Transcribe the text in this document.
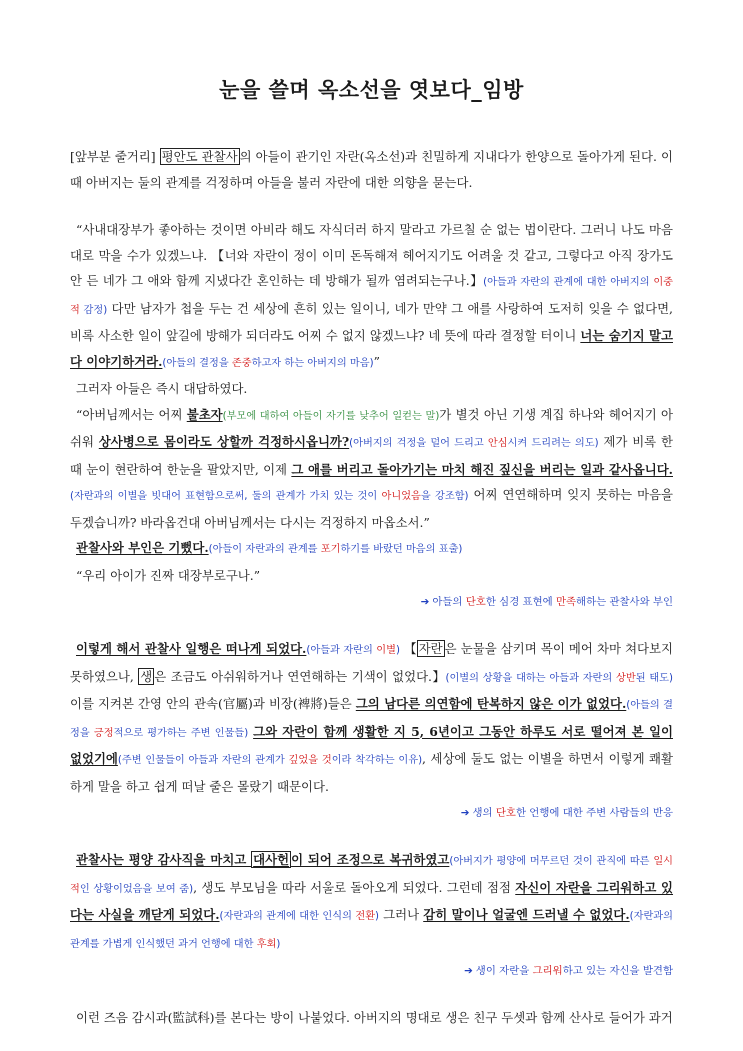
눈을 쓸며 옥소선을 엿보다_임방

[앞부분 줄거리] 평안도 관찰사 의 아들이 관기인 자란(옥소선)과 친밀하게 지내다가 한양으로 돌아가게 된다. 이때 아버지는 둘의 관계를 걱정하며 아들을 불러 자란에 대한 의향을 묻는다.

“사내대장부가 좋아하는 것이면 아비라 해도 자식더러 하지 말라고 가르칠 순 없는 법이란다. 그러니 나도 마음대로 막을 수가 있겠느냐. 【너와 자란이 정이 이미 돈독해져 헤어지기도 어려울 것 같고, 그렇다고 아직 장가도 안 든 네가 그 애와 함께 지냈다간 혼인하는 데 방해가 될까 염려되는구나.】(아들과 자란의 관계에 대한 아버지의 이중적 감정) 다만 남자가 첩을 두는 건 세상에 흔히 있는 일이니, 네가 만약 그 애를 사랑하여 도저히 잊을 수 없다면, 비록 사소한 일이 앞길에 방해가 되더라도 어찌 수 없지 않겠느냐? 네 뜻에 따라 결정할 터이니 너는 숨기지 말고 다 이야기하거라.(아들의 결정을 존중하고자 하는 아버지의 마음)”

그러자 아들은 즉시 대답하였다.

“아버님께서는 어찌 불초자(부모에 대하여 아들이 자기를 낮추어 일컫는 말)가 별것 아닌 기생 계집 하나와 헤어지기 아쉬워 상사병으로 몸이라도 상할까 걱정하시옵니까?(아버지의 걱정을 덜어 드리고 안심시켜 드리려는 의도) 제가 비록 한때 눈이 현란하여 한눈을 팔았지만, 이제 그 애를 버리고 돌아가기는 마치 해진 짚신을 버리는 일과 같사옵니다.(자란과의 이별을 빗대어 표현함으로써, 둘의 관계가 가치 있는 것이 아니었음을 강조함) 어찌 연연해하며 잊지 못하는 마음을 두겠습니까? 바라옵건대 아버님께서는 다시는 걱정하지 마옵소서.”

관찰사와 부인은 기뻤다.(아들이 자란과의 관계를 포기하기를 바랐던 마음의 표출)

“우리 아이가 진짜 대장부로구나.”

➔ 아들의 단호한 심경 표현에 만족해하는 관찰사와 부인

이렇게 해서 관찰사 일행은 떠나게 되었다.(아들과 자란의 이별) 【 자란 은 눈물을 삼키며 목이 메어 차마 쳐다보지 못하였으나, 생 은 조금도 아쉬워하거나 연연해하는 기색이 없었다.】(이별의 상황을 대하는 아들과 자란의 상반된 태도) 이를 지켜본 간영 안의 관속(官屬)과 비장(裨將)들은 그의 남다른 의연함에 탄복하지 않은 이가 없었다.(아들의 결정을 긍정적으로 평가하는 주변 인물들) 그와 자란이 함께 생활한 지 5, 6년이고 그동안 하루도 서로 떨어져 본 일이 없었기에(주변 인물들이 아들과 자란의 관계가 깊었을 것이라 착각하는 이유), 세상에 둘도 없는 이별을 하면서 이렇게 쾌활하게 말을 하고 쉽게 떠날 줄은 몰랐기 때문이다.

➔ 생의 단호한 언행에 대한 주변 사람들의 반응

관찰사는 평양 감사직을 마치고 대사헌 이 되어 조정으로 복귀하였고(아버지가 평양에 머무르던 것이 관직에 따른 일시적인 상황이었음을 보여 줌), 생도 부모님을 따라 서울로 돌아오게 되었다. 그런데 점점 자신이 자란을 그리워하고 있다는 사실을 깨닫게 되었다.(자란과의 관계에 대한 인식의 전환) 그러나 감히 말이나 얼굴엔 드러낼 수 없었다.(자란과의 관계를 가볍게 인식했던 과거 언행에 대한 후회)

➔ 생이 자란을 그리워하고 있는 자신을 발견함

이런 즈음 감시과(監試科)를 본다는 방이 나붙었다. 아버지의 명대로 생은 친구 두셋과 함께 산사로 들어가 과거
